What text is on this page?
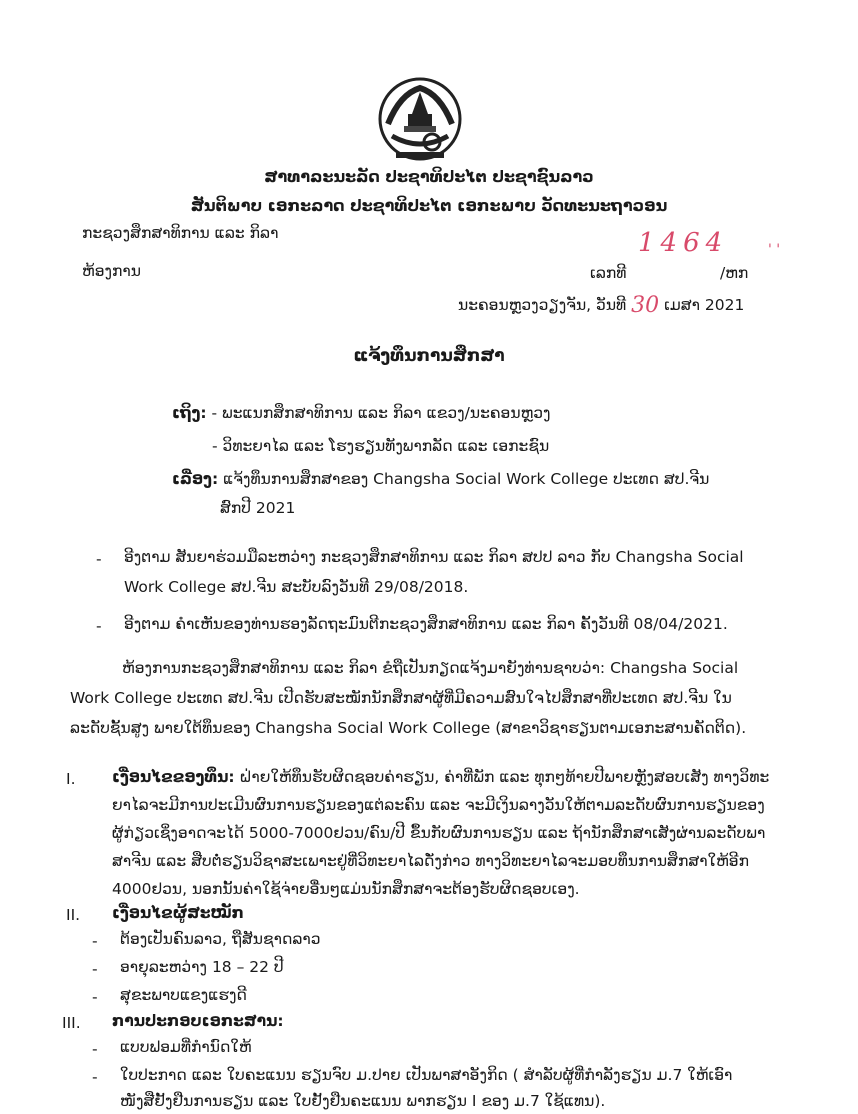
ສາທາລະນະລັດ ປະຊາທິປະໄຕ ປະຊາຊົນລາວ
ສັນຕິພາບ ເອກະລາດ ປະຊາທິປະໄຕ ເອກະພາບ ວັດທະນະຖາວອນ
ກະຊວງສຶກສາທິການ ແລະ ກິລາ
ຫ້ອງການ
1464	' '
ເລກທີ	/ຫກ
ນະຄອນຫຼວງວຽງຈັນ, ວັນທີ 30 ເມສາ 2021
ແຈ້ງທຶນການສຶກສາ
ເຖິງ: - ພະແນກສຶກສາທິການ ແລະ ກິລາ ແຂວງ/ນະຄອນຫຼວງ
- ວິທະຍາໄລ ແລະ ໂຮງຮຽນທັງພາກລັດ ແລະ ເອກະຊົນ
ເລື່ອງ: ແຈ້ງທຶນການສຶກສາຂອງ Changsha Social Work College ປະເທດ ສປ.ຈີນ
ສົກປີ 2021
- ອີງຕາມ ສັນຍາຮ່ວມມືລະຫວ່າງ ກະຊວງສຶກສາທິການ ແລະ ກິລາ ສປປ ລາວ ກັບ Changsha Social
Work College ສປ.ຈີນ ສະບັບລົງວັນທີ 29/08/2018.
- ອີງຕາມ ຄຳເຫັນຂອງທ່ານຮອງລັດຖະມົນຕີກະຊວງສຶກສາທິການ ແລະ ກິລາ ຄັ້ງວັນທີ 08/04/2021.
ຫ້ອງການກະຊວງສຶກສາທິການ ແລະ ກິລາ ຂໍຖືເປັນກຽດແຈ້ງມາຍັງທ່ານຊາບວ່າ: Changsha Social
Work College ປະເທດ ສປ.ຈີນ ເປີດຮັບສະໝັກນັກສຶກສາຜູ້ທີ່ມີຄວາມສົນໃຈໄປສຶກສາທີ່ປະເທດ ສປ.ຈີນ ໃນ
ລະດັບຊັ້ນສູງ ພາຍໃຕ້ທຶນຂອງ Changsha Social Work College (ສາຂາວິຊາຮຽນຕາມເອກະສານຄັດຕິດ).
I. ເງື່ອນໄຂຂອງທຶນ: ຝ່າຍໃຫ້ທຶນຮັບຜິດຊອບຄ່າຮຽນ, ຄ່າທີ່ພັກ ແລະ ທຸກໆທ້າຍປີພາຍຫຼັງສອບເສັງ ທາງວິທະ
ຍາໄລຈະມີການປະເມີນຜົນການຮຽນຂອງແຕ່ລະຄົນ ແລະ ຈະມີເງິນລາງວັນໃຫ້ຕາມລະດັບຜົນການຮຽນຂອງ
ຜູ້ກ່ຽວເຊິ່ງອາດຈະໄດ້ 5000-7000ຢວນ/ຄົນ/ປີ ຂຶ້ນກັບຜົນການຮຽນ ແລະ ຖ້ານັກສຶກສາເສັງຜ່ານລະດັບພາ
ສາຈີນ ແລະ ສືບຕໍ່ຮຽນວິຊາສະເພາະຢູ່ທີ່ວິທະຍາໄລດັ່ງກ່າວ ທາງວິທະຍາໄລຈະມອບທຶນການສຶກສາໃຫ້ອີກ
4000ຢວນ, ນອກນັ້ນຄ່າໃຊ້ຈ່າຍອື່ນໆແມ່ນນັກສຶກສາຈະຕ້ອງຮັບຜິດຊອບເອງ.
II. ເງື່ອນໄຂຜູ້ສະໝັກ
- ຕ້ອງເປັນຄົນລາວ, ຖືສັນຊາດລາວ
- ອາຍຸລະຫວ່າງ 18 – 22 ປີ
- ສຸຂະພາບແຂງແຮງດີ
III. ການປະກອບເອກະສານ:
- ແບບຟອມທີ່ກຳນົດໃຫ້
- ໃບປະກາດ ແລະ ໃບຄະແນນ ຮຽນຈົບ ມ.ປາຍ ເປັນພາສາອັງກິດ ( ສຳລັບຜູ້ທີ່ກຳລັງຮຽນ ມ.7 ໃຫ້ເອົາ
ໜັງສືຢັ້ງຢືນການຮຽນ ແລະ ໃບຢັ້ງຢືນຄະແນນ ພາກຮຽນ I ຂອງ ມ.7 ໃຊ້ແທນ).
